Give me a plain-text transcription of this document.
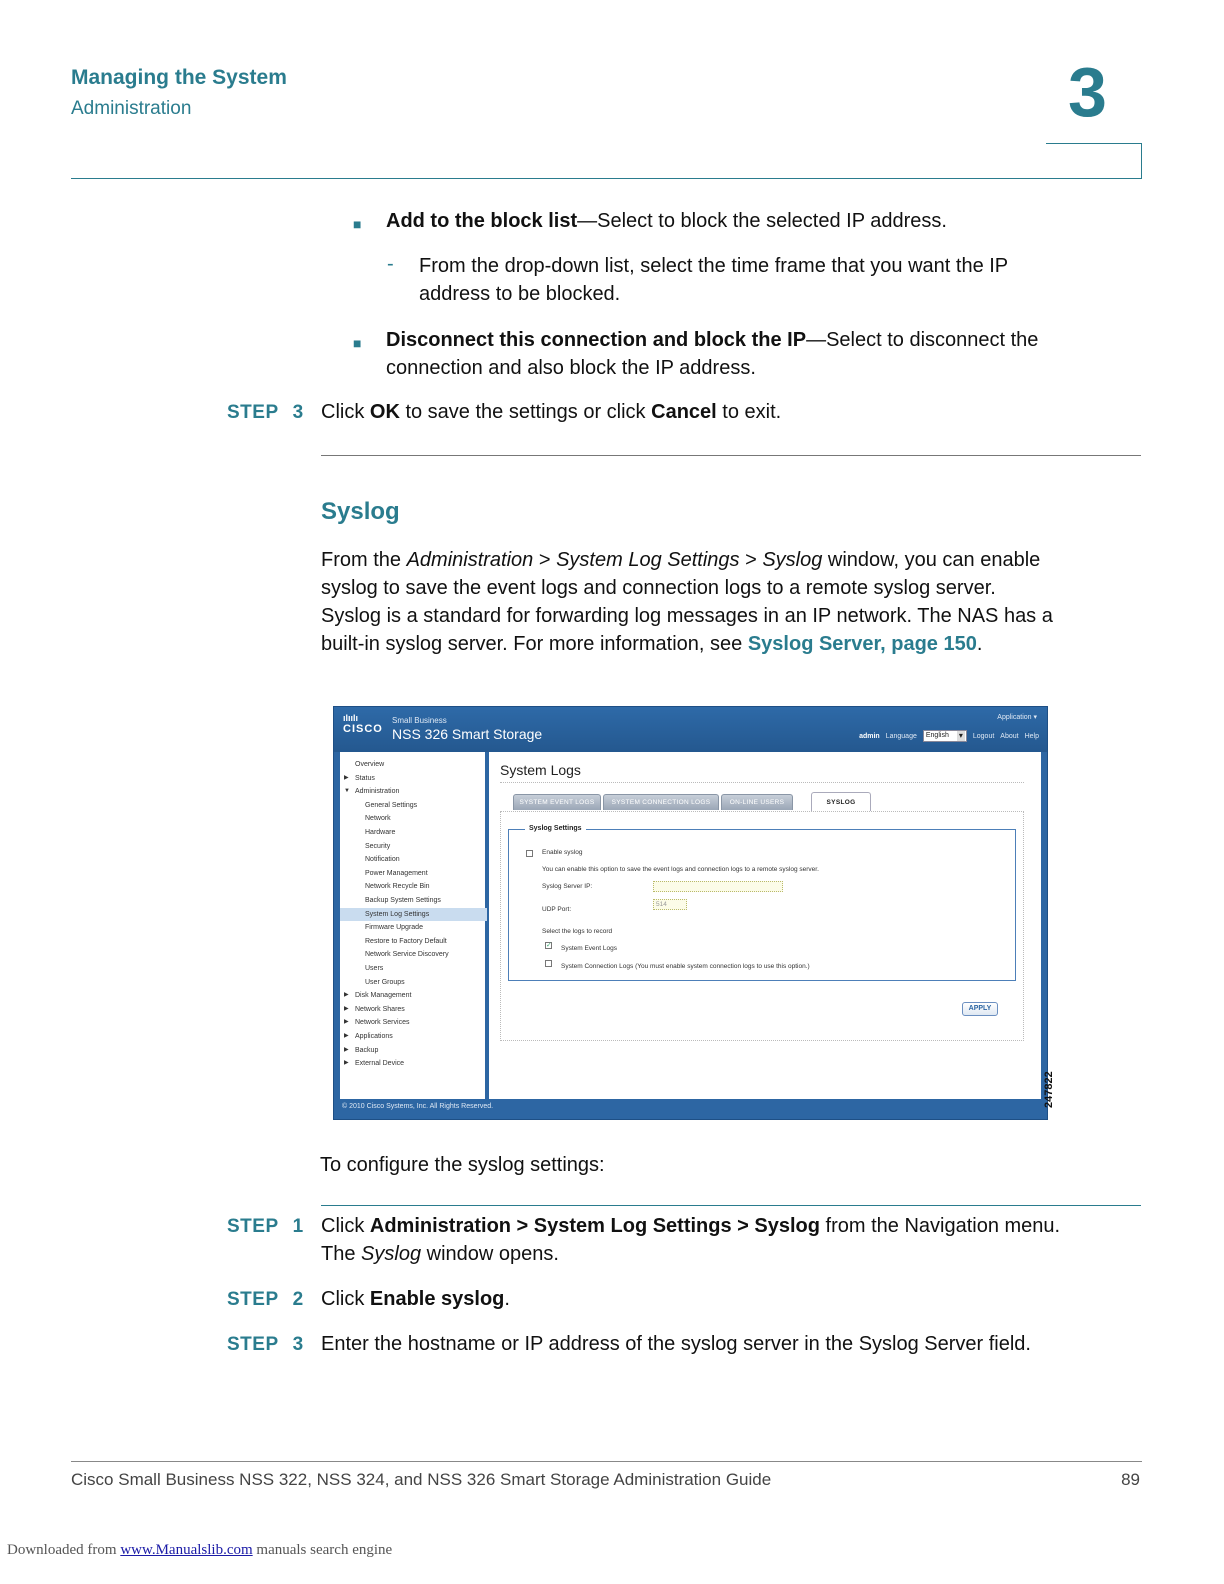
Managing the System
Administration	3
■ Add to the block list—Select to block the selected IP address.
- From the drop-down list, select the time frame that you want the IP
address to be blocked.
■ Disconnect this connection and block the IP—Select to disconnect the
connection and also block the IP address.
STEP 3 Click OK to save the settings or click Cancel to exit.
Syslog
From the Administration > System Log Settings > Syslog window, you can enable
syslog to save the event logs and connection logs to a remote syslog server.
Syslog is a standard for forwarding log messages in an IP network. The NAS has a
built-in syslog server. For more information, see Syslog Server, page 150.
ılıılı
CISCO
Small Business
NSS 326 Smart Storage
Application ▾
admin Language	English ▾	Logout About Help
Overview
▶ Status
▼ Administration
General Settings
Network
Hardware
Security
Notification
Power Management
Network Recycle Bin
Backup System Settings
System Log Settings
Firmware Upgrade
Restore to Factory Default
Network Service Discovery
Users
User Groups
▶ Disk Management
▶ Network Shares
▶ Network Services
▶ Applications
▶ Backup
▶ External Device
System Logs
SYSTEM EVENT LOGS	SYSTEM CONNECTION LOGS	ON-LINE USERS	SYSLOG
Syslog Settings
Enable syslog
You can enable this option to save the event logs and connection logs to a remote syslog server.
Syslog Server IP:
UDP Port:
514
Select the logs to record
✓ System Event Logs
System Connection Logs (You must enable system connection logs to use this option.)
APPLY
© 2010 Cisco Systems, Inc. All Rights Reserved.	247822
To configure the syslog settings:
STEP 1 Click Administration > System Log Settings > Syslog from the Navigation menu.
The Syslog window opens.
STEP 2 Click Enable syslog.
STEP 3 Enter the hostname or IP address of the syslog server in the Syslog Server field.
Cisco Small Business NSS 322, NSS 324, and NSS 326 Smart Storage Administration Guide	89
Downloaded from www.Manualslib.com manuals search engine
